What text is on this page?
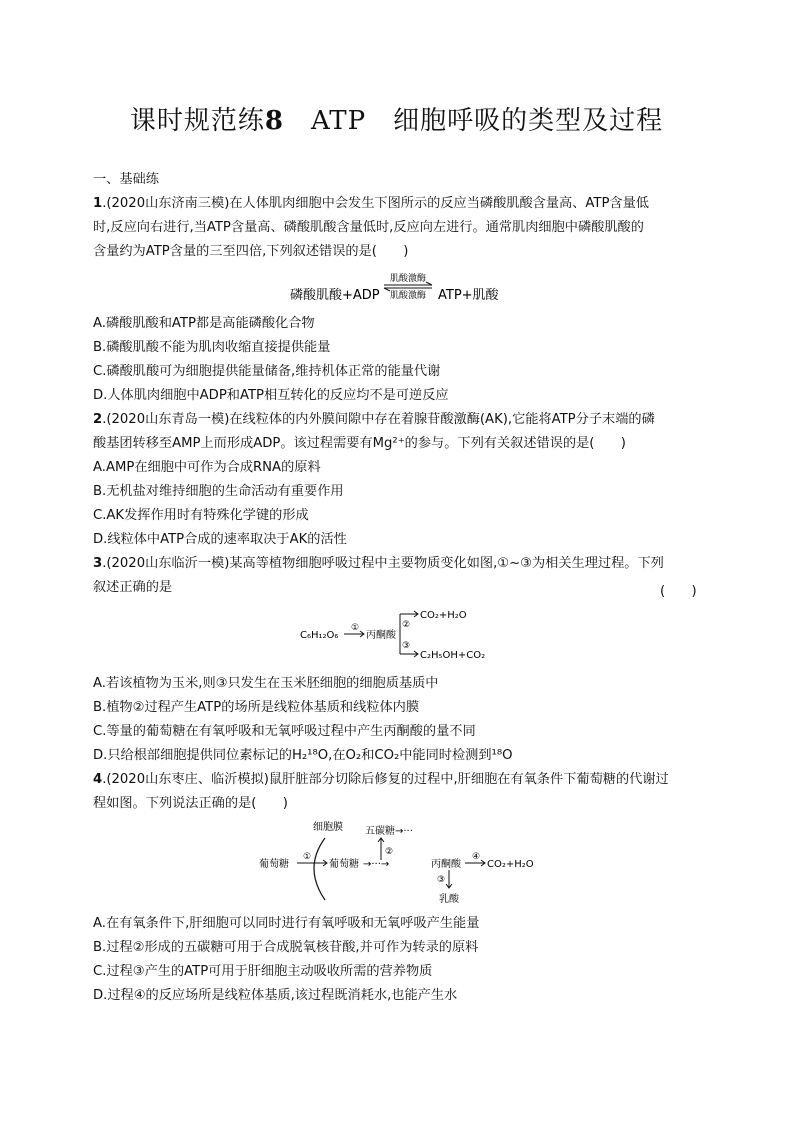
课时规范练8　 ATP　细胞呼吸的类型及过程
一、基础练
1.(2020山东济南三模)在人体肌肉细胞中会发生下图所示的反应当磷酸肌酸含量高、ATP含量低
时,反应向右进行,当ATP含量高、磷酸肌酸含量低时,反应向左进行。通常肌肉细胞中磷酸肌酸的
含量约为ATP含量的三至四倍,下列叙述错误的是(　　)
磷酸肌酸+ADP
肌酸激酶
肌酸激酶 ATP+肌酸
A.磷酸肌酸和ATP都是高能磷酸化合物
B.磷酸肌酸不能为肌肉收缩直接提供能量
C.磷酸肌酸可为细胞提供能量储备,维持机体正常的能量代谢
D.人体肌肉细胞中ADP和ATP相互转化的反应均不是可逆反应
2.(2020山东青岛一模)在线粒体的内外膜间隙中存在着腺苷酸激酶(AK),它能将ATP分子末端的磷
酸基团转移至AMP上而形成ADP。该过程需要有Mg²⁺的参与。下列有关叙述错误的是(　　)
A.AMP在细胞中可作为合成RNA的原料
B.无机盐对维持细胞的生命活动有重要作用
C.AK发挥作用时有特殊化学键的形成
D.线粒体中ATP合成的速率取决于AK的活性
3.(2020山东临沂一模)某高等植物细胞呼吸过程中主要物质变化如图,①~③为相关生理过程。下列
叙述正确的是	(　　)
C₆H₁₂O₆
①
丙酮酸
②
③
CO₂+H₂O
C₂H₅OH+CO₂
A.若该植物为玉米,则③只发生在玉米胚细胞的细胞质基质中
B.植物②过程产生ATP的场所是线粒体基质和线粒体内膜
C.等量的葡萄糖在有氧呼吸和无氧呼吸过程中产生丙酮酸的量不同
D.只给根部细胞提供同位素标记的H₂¹⁸O,在O₂和CO₂中能同时检测到¹⁸O
4.(2020山东枣庄、临沂模拟)鼠肝脏部分切除后修复的过程中,肝细胞在有氧条件下葡萄糖的代谢过
程如图。下列说法正确的是(　　)
细胞膜
葡萄糖
①
葡萄糖
②
五碳糖→···
→···→	丙酮酸
④
CO₂+H₂O
③
乳酸
A.在有氧条件下,肝细胞可以同时进行有氧呼吸和无氧呼吸产生能量
B.过程②形成的五碳糖可用于合成脱氧核苷酸,并可作为转录的原料
C.过程③产生的ATP可用于肝细胞主动吸收所需的营养物质
D.过程④的反应场所是线粒体基质,该过程既消耗水,也能产生水
